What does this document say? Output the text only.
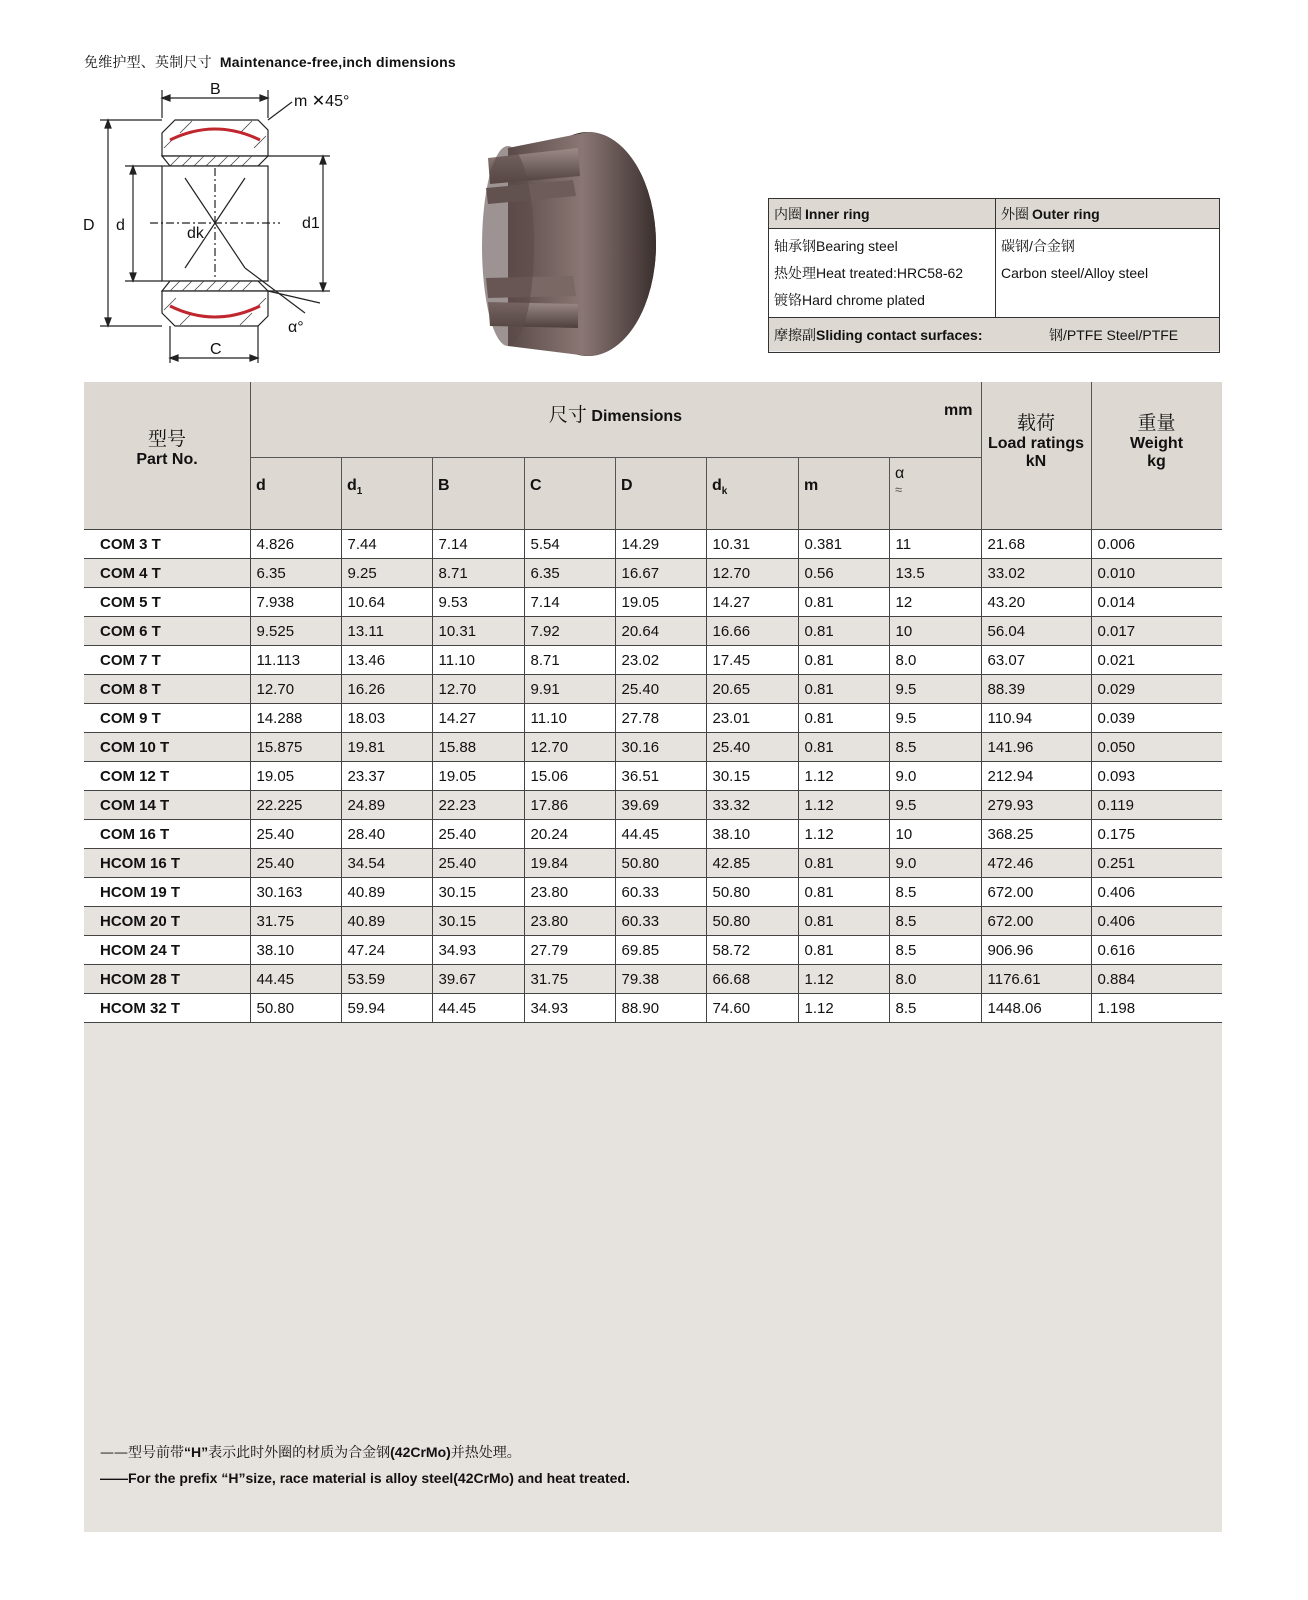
免维护型、英制尺寸 Maintenance-free,inch dimensions
B
m ✕45°
D d	dk
d1
α°
C
内圈 Inner ring	外圈 Outer ring
轴承钢Bearing steel
热处理Heat treated:HRC58-62
镀铬Hard chrome plated
碳钢/合金钢
Carbon steel/Alloy steel
摩擦副Sliding contact surfaces:	钢/PTFE Steel/PTFE
型号
Part No.
尺寸 Dimensions	mm
载荷
Load ratings
kN
重量
Weight
kg
d	$d_1$	B	C	D	$d_k$	m
α
≈
COM 3 T	4.826	7.44	7.14	5.54	14.29	10.31	0.381	11	21.68	0.006
COM 4 T	6.35	9.25	8.71	6.35	16.67	12.70	0.56	13.5	33.02	0.010
COM 5 T	7.938	10.64	9.53	7.14	19.05	14.27	0.81	12	43.20	0.014
COM 6 T	9.525	13.11	10.31	7.92	20.64	16.66	0.81	10	56.04	0.017
COM 7 T	11.113	13.46	11.10	8.71	23.02	17.45	0.81	8.0	63.07	0.021
COM 8 T	12.70	16.26	12.70	9.91	25.40	20.65	0.81	9.5	88.39	0.029
COM 9 T	14.288	18.03	14.27	11.10	27.78	23.01	0.81	9.5	110.94	0.039
COM 10 T	15.875	19.81	15.88	12.70	30.16	25.40	0.81	8.5	141.96	0.050
COM 12 T	19.05	23.37	19.05	15.06	36.51	30.15	1.12	9.0	212.94	0.093
COM 14 T	22.225	24.89	22.23	17.86	39.69	33.32	1.12	9.5	279.93	0.119
COM 16 T	25.40	28.40	25.40	20.24	44.45	38.10	1.12	10	368.25	0.175
HCOM 16 T	25.40	34.54	25.40	19.84	50.80	42.85	0.81	9.0	472.46	0.251
HCOM 19 T	30.163	40.89	30.15	23.80	60.33	50.80	0.81	8.5	672.00	0.406
HCOM 20 T	31.75	40.89	30.15	23.80	60.33	50.80	0.81	8.5	672.00	0.406
HCOM 24 T	38.10	47.24	34.93	27.79	69.85	58.72	0.81	8.5	906.96	0.616
HCOM 28 T	44.45	53.59	39.67	31.75	79.38	66.68	1.12	8.0	1176.61	0.884
HCOM 32 T	50.80	59.94	44.45	34.93	88.90	74.60	1.12	8.5	1448.06	1.198
——型号前带“H”表示此时外圈的材质为合金钢(42CrMo)并热处理。
——For the prefix “H”size, race material is alloy steel(42CrMo) and heat treated.
